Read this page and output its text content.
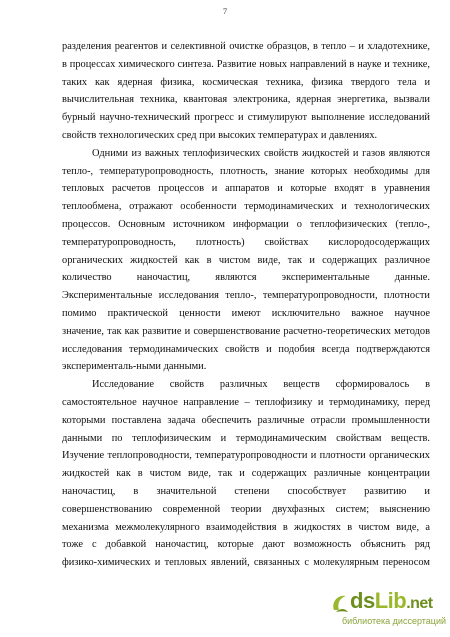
7
разделения реагентов и селективной очистке образцов, в тепло – и хладотехнике,
в процессах химического синтеза. Развитие новых направлений в науке и технике,
таких как ядерная физика, космическая техника, физика твердого тела и
вычислительная техника, квантовая электроника, ядерная энергетика, вызвали
бурный научно-технический прогресс и стимулируют выполнение исследований
свойств технологических сред при высоких температурах и давлениях.
Одними из важных теплофизических свойств жидкостей и газов являются
тепло-, температуропроводность, плотность, знание которых необходимы для
тепловых расчетов процессов и аппаратов и которые входят в уравнения
теплообмена, отражают особенности термодинамических и технологических
процессов. Основным источником информации о теплофизических (тепло-,
температуропроводность, плотность) свойствах кислородосодержащих
органических жидкостей как в чистом виде, так и содержащих различное
количество наночастиц, являются экспериментальные данные.
Экспериментальные исследования тепло-, температуропроводности, плотности
помимо практической ценности имеют исключительно важное научное
значение, так как развитие и совершенствование расчетно-теоретических методов
исследования термодинамических свойств и подобия всегда подтверждаются
эксперименталь-ными данными.
Исследование свойств различных веществ сформировалось в
самостоятельное научное направление – теплофизику и термодинамику, перед
которыми поставлена задача обеспечить различные отрасли промышленности
данными по теплофизическим и термодинамическим свойствам веществ.
Изучение теплопроводности, температуропроводности и плотности органических
жидкостей как в чистом виде, так и содержащих различные концентрации
наночастиц, в значительной степени способствует развитию и
совершенствованию современной теории двухфазных систем; выяснению
механизма межмолекулярного взаимодействия в жидкостях в чистом виде, а
тоже с добавкой наночастиц, которые дают возможность объяснить ряд
физико-химических и тепловых явлений, связанных с молекулярным переносом
dsLib.net
библиотека диссертаций
